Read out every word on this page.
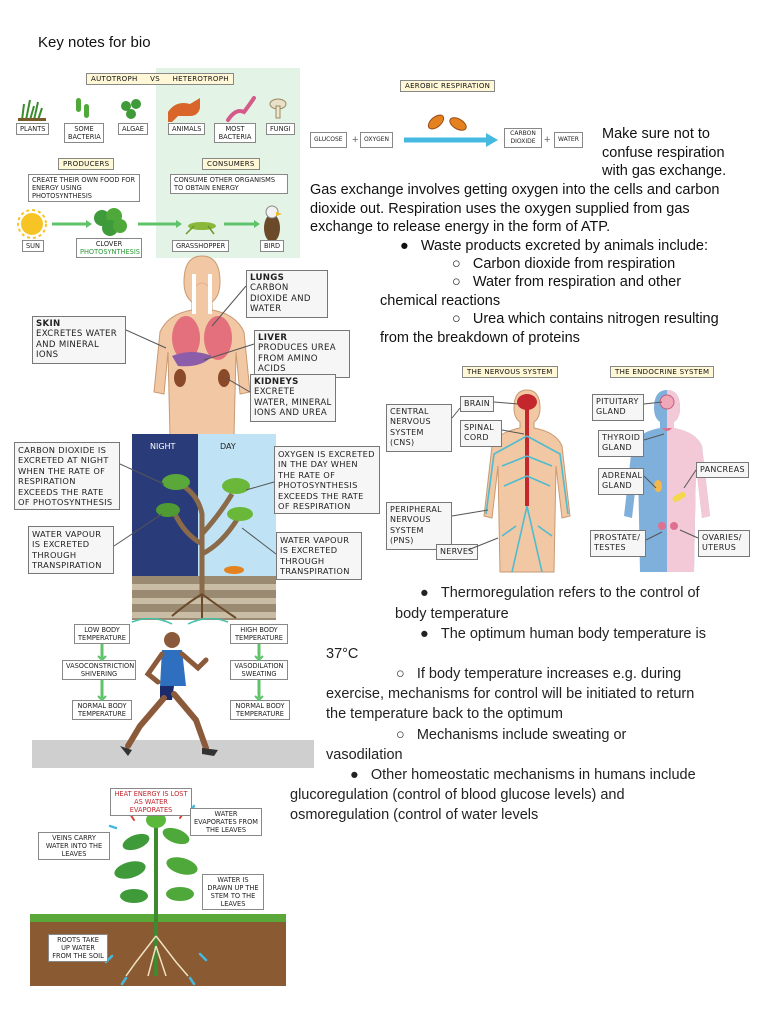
Key notes for bio
AUTOTROPH     VS     HETEROTROPH
PLANTS	SOME BACTERIA
ALGAE	ANIMALS	MOST BACTERIA
FUNGI
PRODUCERS	CONSUMERS
CREATE THEIR OWN FOOD FOR ENERGY USING PHOTOSYNTHESIS
CONSUME OTHER ORGANISMS TO OBTAIN ENERGY
SUN	CLOVER
PHOTOSYNTHESIS
GRASSHOPPER	BIRD
AEROBIC RESPIRATION
GLUCOSE + OXYGEN
CARBON DIOXIDE +	WATER Make sure not to confuse respiration with gas exchange.
Gas exchange involves getting oxygen into the cells and carbon dioxide out. Respiration uses the oxygen supplied from gas exchange to release energy in the form of ATP.
●   Waste products excreted by animals include:
○   Carbon dioxide from respiration
○   Water from respiration and other
chemical reactions
○   Urea which contains nitrogen resulting
from the breakdown of proteins
LUNGS
CARBON DIOXIDE AND WATER
SKIN
EXCRETES WATER AND MINERAL IONS
LIVER
PRODUCES UREA FROM AMINO ACIDS
KIDNEYS
EXCRETE WATER, MINERAL IONS AND UREA
NIGHT	DAY
CARBON DIOXIDE IS EXCRETED AT NIGHT WHEN THE RATE OF RESPIRATION EXCEEDS THE RATE OF PHOTOSYNTHESIS
OXYGEN IS EXCRETED IN THE DAY WHEN THE RATE OF PHOTOSYNTHESIS EXCEEDS THE RATE OF RESPIRATION
WATER VAPOUR IS EXCRETED THROUGH TRANSPIRATION
WATER VAPOUR IS EXCRETED THROUGH TRANSPIRATION
LOW BODY TEMPERATURE
HIGH BODY TEMPERATURE
VASOCONSTRICTION SHIVERING
VASODILATION SWEATING
NORMAL BODY TEMPERATURE
NORMAL BODY TEMPERATURE
THE NERVOUS SYSTEM	THE ENDOCRINE SYSTEM
BRAIN
SPINAL CORD
CENTRAL NERVOUS SYSTEM (CNS)
PERIPHERAL NERVOUS SYSTEM (PNS)
NERVES
PITUITARY GLAND
THYROID GLAND
ADRENAL GLAND
PANCREAS
PROSTATE/ TESTES
OVARIES/ UTERUS
●   Thermoregulation refers to the control of
body temperature
●   The optimum human body temperature is
37°C
○   If body temperature increases e.g. during
exercise, mechanisms for control will be initiated to return
the temperature back to the optimum
○   Mechanisms include sweating or
vasodilation
●   Other homeostatic mechanisms in humans include
glucoregulation (control of blood glucose levels) and
osmoregulation (control of water levels
HEAT ENERGY IS LOST AS WATER EVAPORATES	WATER EVAPORATES FROM THE LEAVES
VEINS CARRY WATER INTO THE LEAVES
WATER IS DRAWN UP THE STEM TO THE LEAVES
ROOTS TAKE UP WATER FROM THE SOIL
